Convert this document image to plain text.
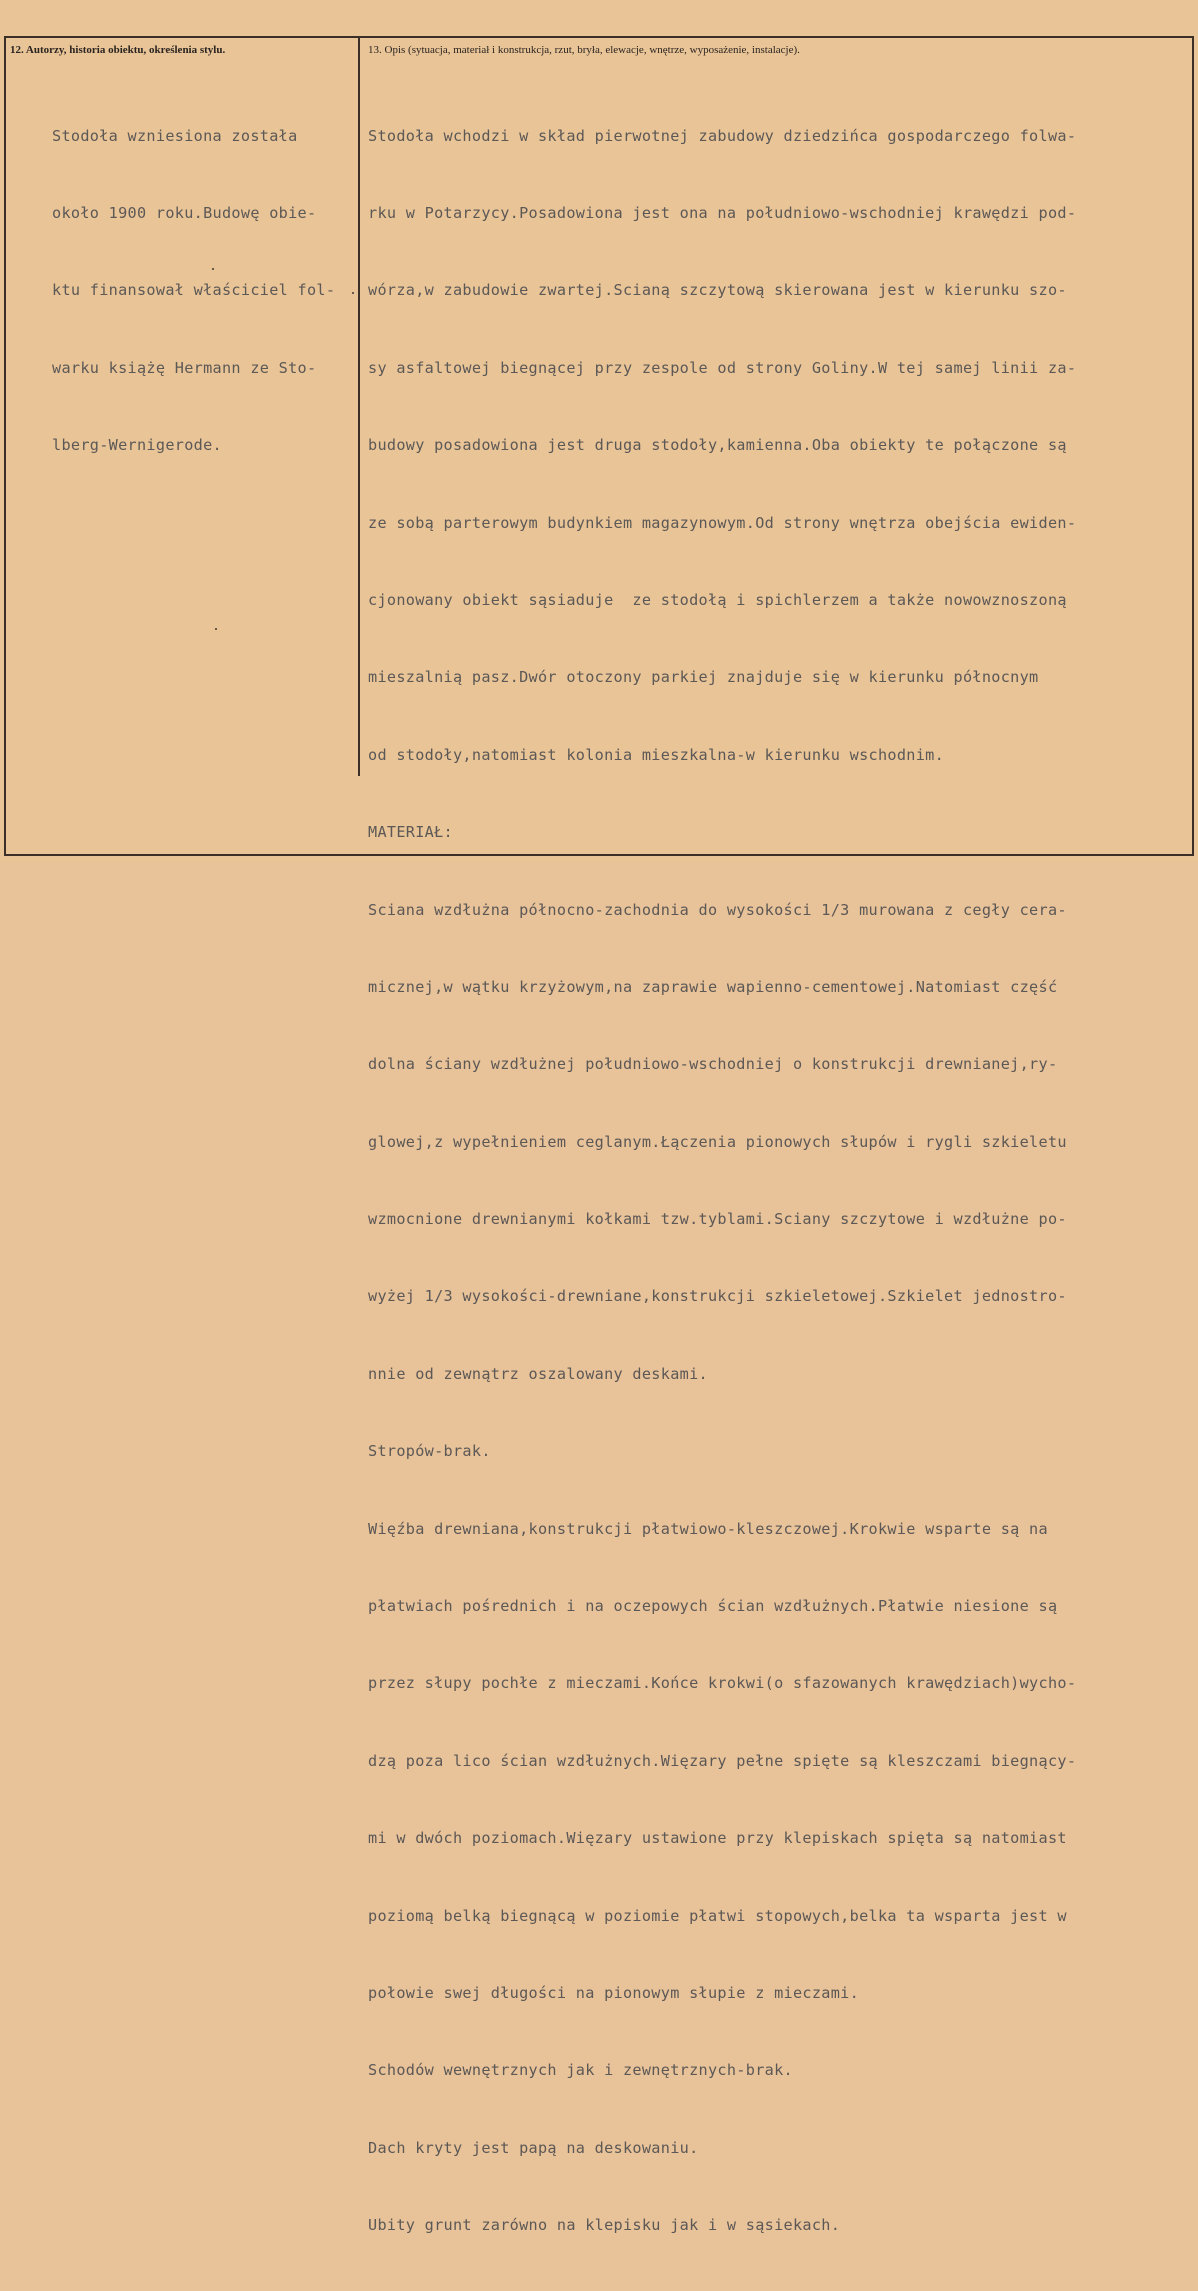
12. Autorzy, historia obiektu, określenia stylu.	13. Opis (sytuacja, materiał i konstrukcja, rzut, bryła, elewacje, wnętrze, wyposażenie, instalacje).

Stodoła wzniesiona została

około 1900 roku.Budowę obie-

ktu finansował właściciel fol-

warku książę Hermann ze Sto-

lberg-Wernigerode.

Stodoła wchodzi w skład pierwotnej zabudowy dziedzińca gospodarczego folwa-

rku w Potarzycy.Posadowiona jest ona na południowo-wschodniej krawędzi pod-

wórza,w zabudowie zwartej.Scianą szczytową skierowana jest w kierunku szo-

sy asfaltowej biegnącej przy zespole od strony Goliny.W tej samej linii za-

budowy posadowiona jest druga stodoły,kamienna.Oba obiekty te połączone są

ze sobą parterowym budynkiem magazynowym.Od strony wnętrza obejścia ewiden-

cjonowany obiekt sąsiaduje  ze stodołą i spichlerzem a także nowowznoszoną

mieszalnią pasz.Dwór otoczony parkiej znajduje się w kierunku północnym

od stodoły,natomiast kolonia mieszkalna-w kierunku wschodnim.

MATERIAŁ:

Sciana wzdłużna północno-zachodnia do wysokości 1/3 murowana z cegły cera-

micznej,w wątku krzyżowym,na zaprawie wapienno-cementowej.Natomiast część

dolna ściany wzdłużnej południowo-wschodniej o konstrukcji drewnianej,ry-

glowej,z wypełnieniem ceglanym.Łączenia pionowych słupów i rygli szkieletu

wzmocnione drewnianymi kołkami tzw.tyblami.Sciany szczytowe i wzdłużne po-

wyżej 1/3 wysokości-drewniane,konstrukcji szkieletowej.Szkielet jednostro-

nnie od zewnątrz oszalowany deskami.

Stropów-brak.

Więźba drewniana,konstrukcji płatwiowo-kleszczowej.Krokwie wsparte są na

płatwiach pośrednich i na oczepowych ścian wzdłużnych.Płatwie niesione są

przez słupy pochłe z mieczami.Końce krokwi(o sfazowanych krawędziach)wycho-

dzą poza lico ścian wzdłużnych.Więzary pełne spięte są kleszczami biegnący-

mi w dwóch poziomach.Więzary ustawione przy klepiskach spięta są natomiast

poziomą belką biegnącą w poziomie płatwi stopowych,belka ta wsparta jest w

połowie swej długości na pionowym słupie z mieczami.

Schodów wewnętrznych jak i zewnętrznych-brak.

Dach kryty jest papą na deskowaniu.

Ubity grunt zarówno na klepisku jak i w sąsiekach.
